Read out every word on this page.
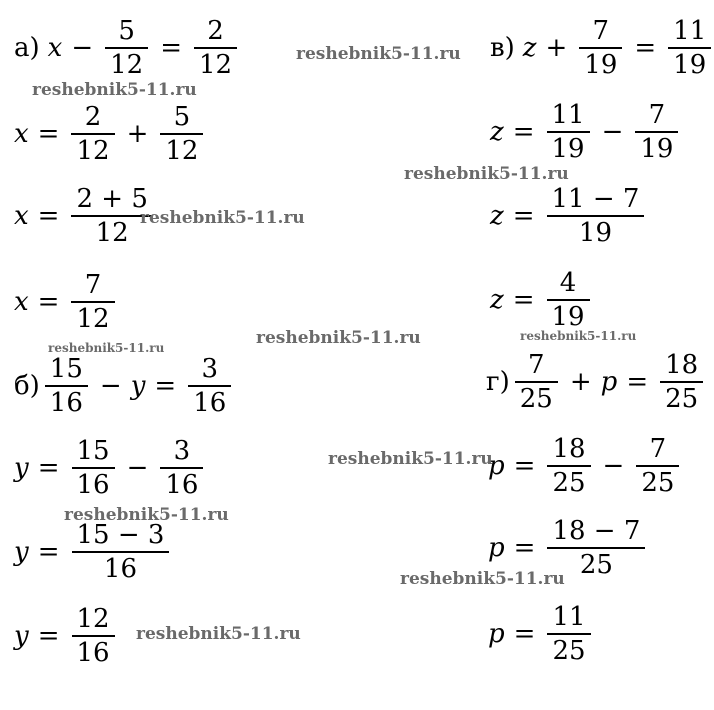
а) $x - \frac{5}{12} = \frac{2}{12}$
$x = \frac{2}{12} + \frac{5}{12}$
$x = \frac{2 + 5}{12}$
$x = \frac{7}{12}$
$б) \frac{15}{16} - y = \frac{3}{16}$
$y = \frac{15}{16} - \frac{3}{16}$
$y = \frac{15 - 3}{16}$
$y = \frac{12}{16}$
в) $z + \frac{7}{19} = \frac{11}{19}$
$z = \frac{11}{19} - \frac{7}{19}$
$z = \frac{11 - 7}{19}$
$z = \frac{4}{19}$
$г) \frac{7}{25} + p = \frac{18}{25}$
$p = \frac{18}{25} - \frac{7}{25}$
$p = \frac{18 - 7}{25}$
$p = \frac{11}{25}$
reshebnik5-11.ru
reshebnik5-11.ru
reshebnik5-11.ru
reshebnik5-11.ru
reshebnik5-11.ru
reshebnik5-11.ru
reshebnik5-11.ru
reshebnik5-11.ru
reshebnik5-11.ru
reshebnik5-11.ru
reshebnik5-11.ru
